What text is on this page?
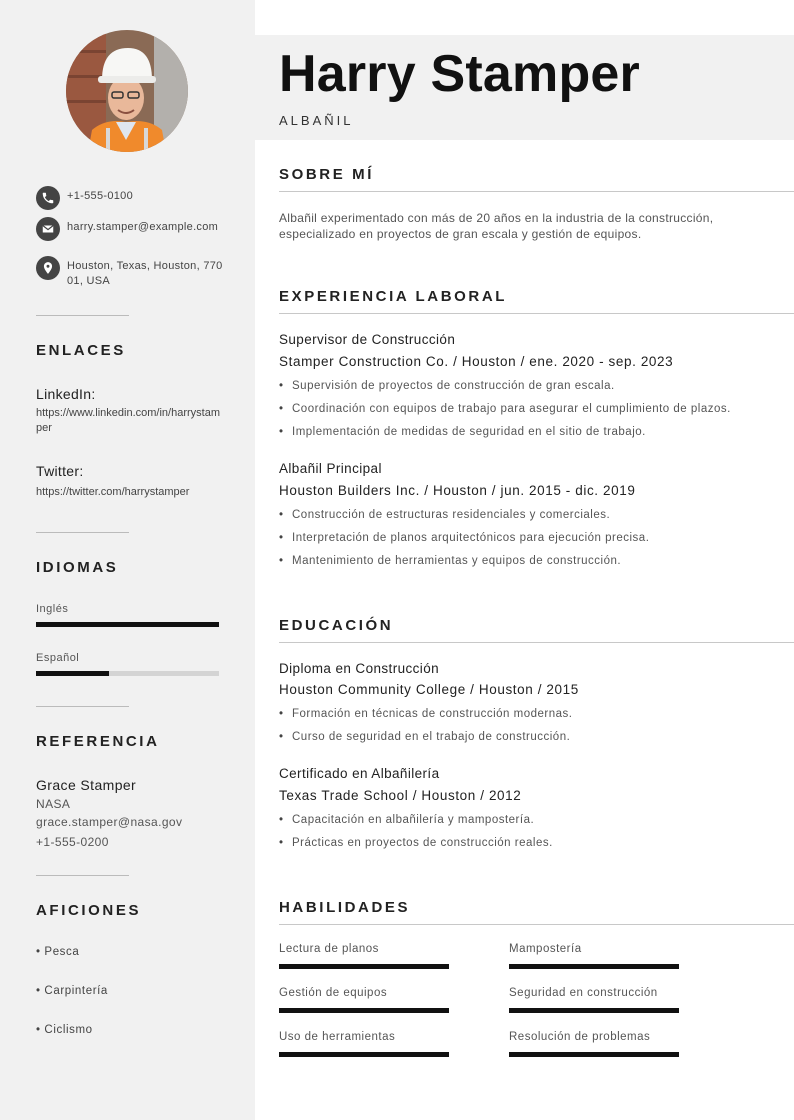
+1-555-0100
harry.stamper@example.com
Houston, Texas, Houston, 77001, USA
ENLACES
LinkedIn:
https://www.linkedin.com/in/harrystamper
Twitter:
https://twitter.com/harrystamper
IDIOMAS
Inglés
Español
REFERENCIA
Grace Stamper
NASA
grace.stamper@nasa.gov
+1-555-0200
AFICIONES
• Pesca
• Carpintería
• Ciclismo
Harry Stamper
ALBAÑIL
SOBRE MÍ
Albañil experimentado con más de 20 años en la industria de la construcción, especializado en proyectos de gran escala y gestión de equipos.
EXPERIENCIA LABORAL
Supervisor de Construcción
Stamper Construction Co. / Houston / ene. 2020 - sep. 2023
• Supervisión de proyectos de construcción de gran escala.
• Coordinación con equipos de trabajo para asegurar el cumplimiento de plazos.
• Implementación de medidas de seguridad en el sitio de trabajo.
Albañil Principal
Houston Builders Inc. / Houston / jun. 2015 - dic. 2019
• Construcción de estructuras residenciales y comerciales.
• Interpretación de planos arquitectónicos para ejecución precisa.
• Mantenimiento de herramientas y equipos de construcción.
EDUCACIÓN
Diploma en Construcción
Houston Community College / Houston / 2015
• Formación en técnicas de construcción modernas.
• Curso de seguridad en el trabajo de construcción.
Certificado en Albañilería
Texas Trade School / Houston / 2012
• Capacitación en albañilería y mampostería.
• Prácticas en proyectos de construcción reales.
HABILIDADES
Lectura de planos	Mampostería
Gestión de equipos	Seguridad en construcción
Uso de herramientas	Resolución de problemas
